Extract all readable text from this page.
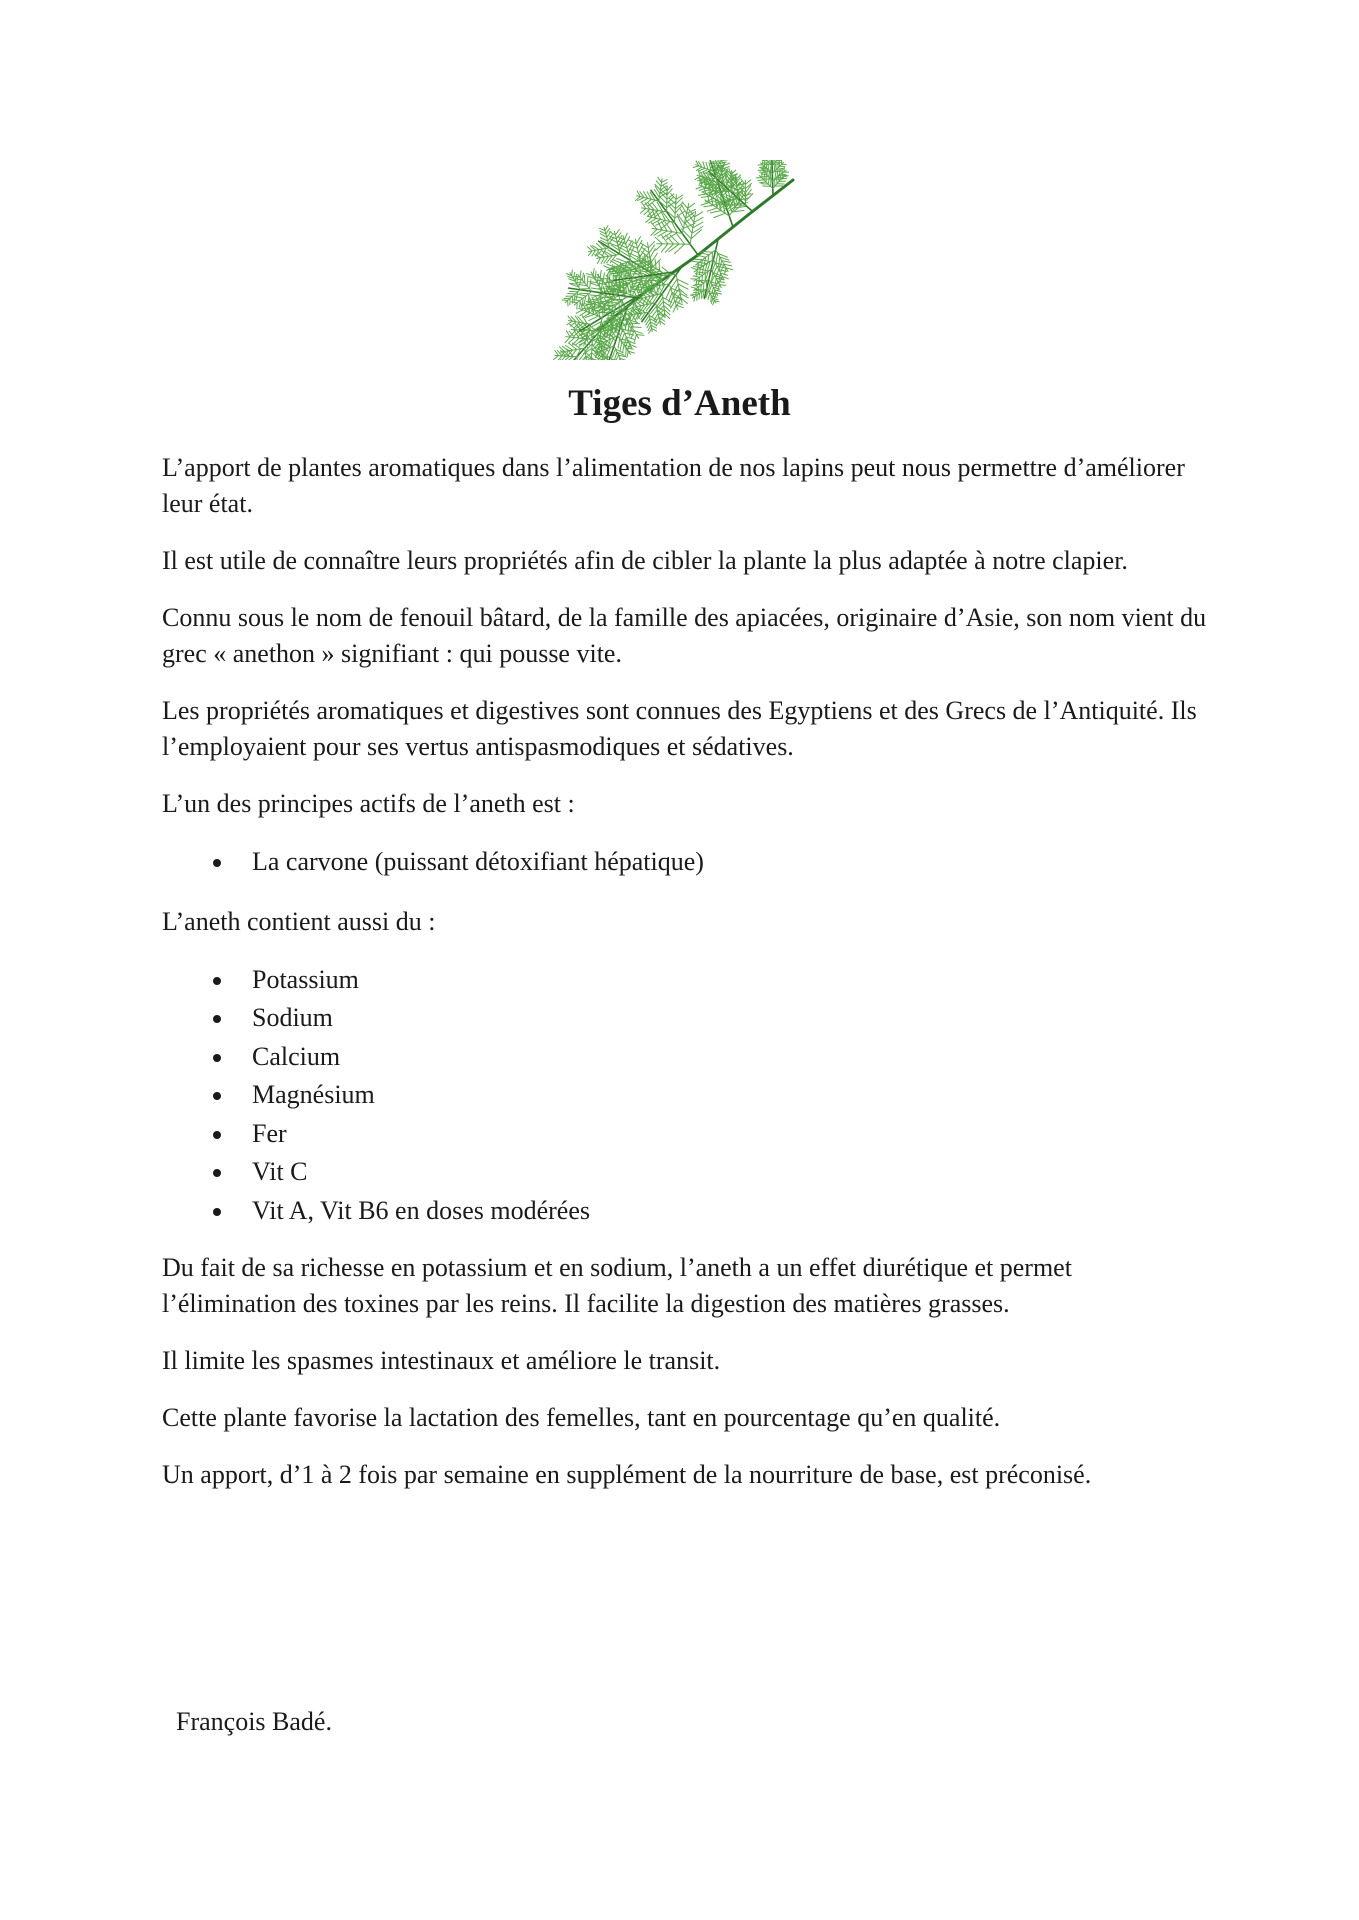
Tiges d’Aneth

L’apport de plantes aromatiques dans l’alimentation de nos lapins peut nous permettre d’améliorer leur état.

Il est utile de connaître leurs propriétés afin de cibler la plante la plus adaptée à notre clapier.

Connu sous le nom de fenouil bâtard, de la famille des apiacées, originaire d’Asie, son nom vient du grec « anethon » signifiant : qui pousse vite.

Les propriétés aromatiques et digestives sont connues des Egyptiens et des Grecs de l’Antiquité. Ils l’employaient pour ses vertus antispasmodiques et sédatives.

L’un des principes actifs de l’aneth est :

La carvone (puissant détoxifiant hépatique)

L’aneth contient aussi du :

Potassium
Sodium
Calcium
Magnésium
Fer
Vit C
Vit A, Vit B6 en doses modérées

Du fait de sa richesse en potassium et en sodium, l’aneth a un effet diurétique et permet l’élimination des toxines par les reins. Il facilite la digestion des matières grasses.

Il limite les spasmes intestinaux et améliore le transit.

Cette plante favorise la lactation des femelles, tant en pourcentage qu’en qualité.

Un apport, d’1 à 2 fois par semaine en supplément de la nourriture de base, est préconisé.

François Badé.
